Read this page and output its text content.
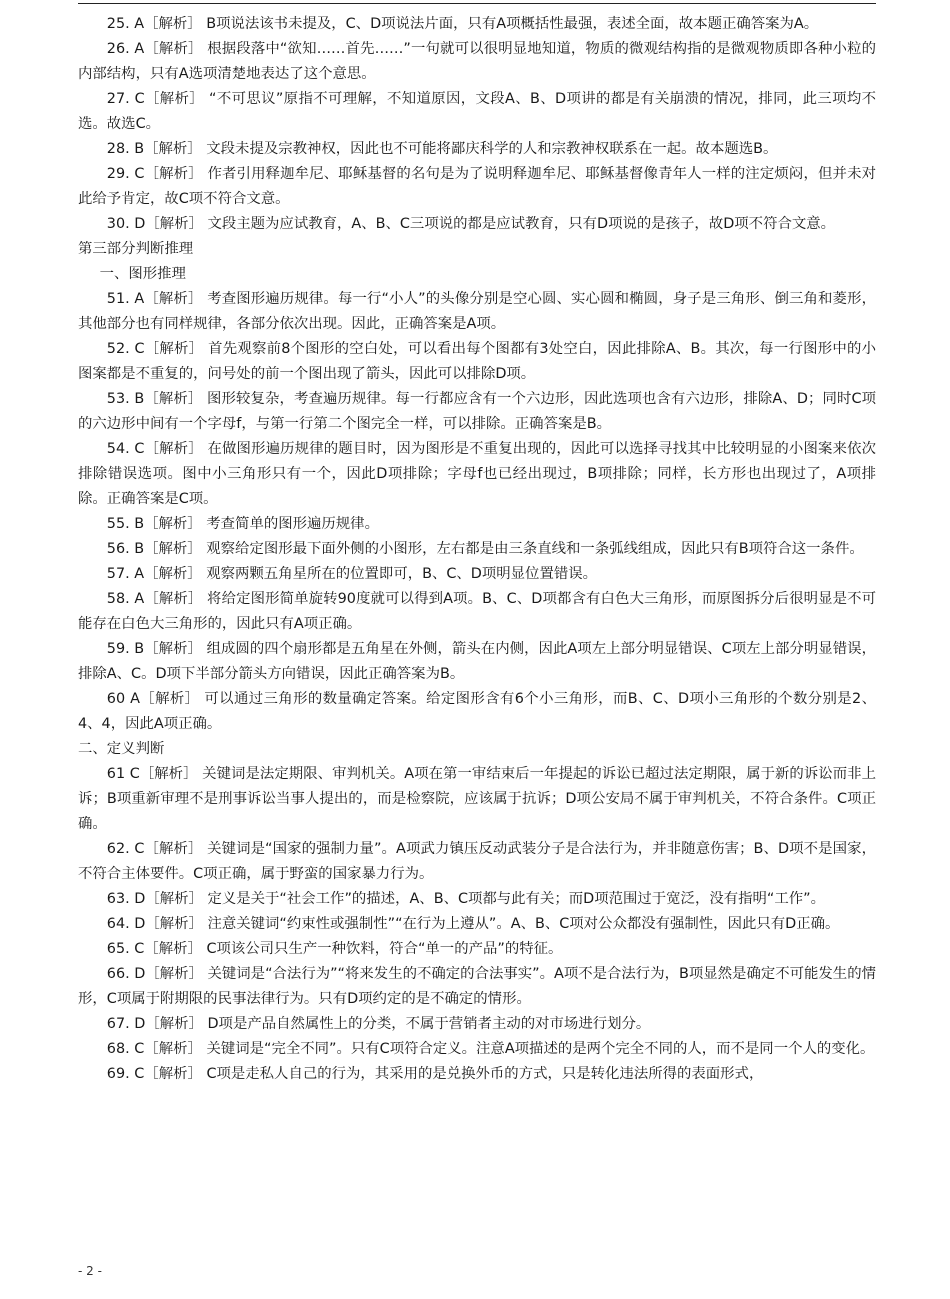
25. A［解析］ B项说法该书未提及，C、D项说法片面，只有A项概括性最强，表述全面，故本题正确答案为A。

26. A［解析］ 根据段落中“欲知……首先……”一句就可以很明显地知道，物质的微观结构指的是微观物质即各种小粒的内部结构，只有A选项清楚地表达了这个意思。

27. C［解析］ “不可思议”原指不可理解，不知道原因，文段A、B、D项讲的都是有关崩溃的情况，排同，此三项均不选。故选C。

28. B［解析］ 文段未提及宗教神权，因此也不可能将鄙庆科学的人和宗教神权联系在一起。故本题选B。

29. C［解析］ 作者引用释迦牟尼、耶稣基督的名句是为了说明释迦牟尼、耶稣基督像青年人一样的注定烦闷，但并未对此给予肯定，故C项不符合文意。

30. D［解析］ 文段主题为应试教育，A、B、C三项说的都是应试教育，只有D项说的是孩子，故D项不符合文意。

第三部分判断推理

一、图形推理

51. A［解析］ 考查图形遍历规律。每一行“小人”的头像分别是空心圆、实心圆和椭圆，身子是三角形、倒三角和菱形，其他部分也有同样规律，各部分依次出现。因此，正确答案是A项。

52. C［解析］ 首先观察前8个图形的空白处，可以看出每个图都有3处空白，因此排除A、B。其次，每一行图形中的小图案都是不重复的，问号处的前一个图出现了箭头，因此可以排除D项。

53. B［解析］ 图形较复杂，考查遍历规律。每一行都应含有一个六边形，因此选项也含有六边形，排除A、D；同时C项的六边形中间有一个字母f，与第一行第二个图完全一样，可以排除。正确答案是B。

54. C［解析］ 在做图形遍历规律的题目时，因为图形是不重复出现的，因此可以选择寻找其中比较明显的小图案来依次排除错误选项。图中小三角形只有一个，因此D项排除；字母f也已经出现过，B项排除；同样，长方形也出现过了，A项排除。正确答案是C项。

55. B［解析］ 考查简单的图形遍历规律。

56. B［解析］ 观察给定图形最下面外侧的小图形，左右都是由三条直线和一条弧线组成，因此只有B项符合这一条件。

57. A［解析］ 观察两颗五角星所在的位置即可，B、C、D项明显位置错误。

58. A［解析］ 将给定图形简单旋转90度就可以得到A项。B、C、D项都含有白色大三角形，而原图拆分后很明显是不可能存在白色大三角形的，因此只有A项正确。

59. B［解析］ 组成圆的四个扇形都是五角星在外侧，箭头在内侧，因此A项左上部分明显错误、C项左上部分明显错误，排除A、C。D项下半部分箭头方向错误，因此正确答案为B。

60 A［解析］ 可以通过三角形的数量确定答案。给定图形含有6个小三角形，而B、C、D项小三角形的个数分别是2、4、4，因此A项正确。

二、定义判断

61 C［解析］ 关键词是法定期限、审判机关。A项在第一审结束后一年提起的诉讼已超过法定期限，属于新的诉讼而非上诉；B项重新审理不是刑事诉讼当事人提出的，而是检察院，应该属于抗诉；D项公安局不属于审判机关，不符合条件。C项正确。

62. C［解析］ 关键词是“国家的强制力量”。A项武力镇压反动武装分子是合法行为，并非随意伤害；B、D项不是国家，不符合主体要件。C项正确，属于野蛮的国家暴力行为。

63. D［解析］ 定义是关于“社会工作”的描述，A、B、C项都与此有关；而D项范围过于宽泛，没有指明“工作”。

64. D［解析］ 注意关键词“约束性或强制性”“在行为上遵从”。A、B、C项对公众都没有强制性，因此只有D正确。

65. C［解析］ C项该公司只生产一种饮料，符合“单一的产品”的特征。

66. D［解析］ 关键词是“合法行为”“将来发生的不确定的合法事实”。A项不是合法行为，B项显然是确定不可能发生的情形，C项属于附期限的民事法律行为。只有D项约定的是不确定的情形。

67. D［解析］ D项是产品自然属性上的分类，不属于营销者主动的对市场进行划分。

68. C［解析］ 关键词是“完全不同”。只有C项符合定义。注意A项描述的是两个完全不同的人，而不是同一个人的变化。

69. C［解析］ C项是走私人自己的行为，其采用的是兑换外币的方式，只是转化违法所得的表面形式，

- 2 -
